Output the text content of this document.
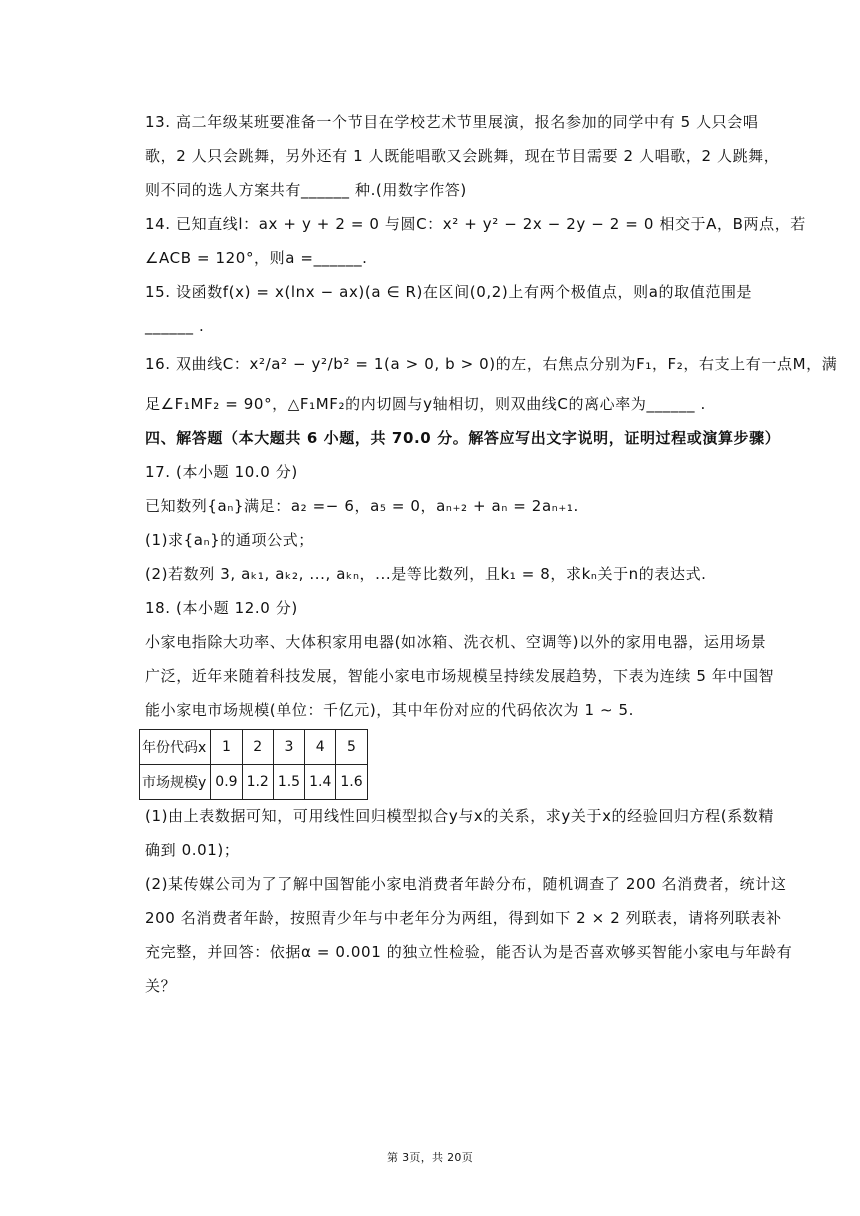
13. 高二年级某班要准备一个节目在学校艺术节里展演，报名参加的同学中有 5 人只会唱
歌，2 人只会跳舞，另外还有 1 人既能唱歌又会跳舞，现在节目需要 2 人唱歌，2 人跳舞，
则不同的选人方案共有______ 种.(用数字作答)
14. 已知直线l：ax + y + 2 = 0 与圆C：x² + y² − 2x − 2y − 2 = 0 相交于A，B两点，若
∠ACB = 120°，则a =______.
15. 设函数f(x) = x(lnx − ax)(a ∈ R)在区间(0,2)上有两个极值点，则a的取值范围是
______ .
16. 双曲线C：x²/a² − y²/b² = 1(a > 0, b > 0)的左，右焦点分别为F₁，F₂，右支上有一点M，满
足∠F₁MF₂ = 90°，△F₁MF₂的内切圆与y轴相切，则双曲线C的离心率为______ .
四、解答题（本大题共 6 小题，共 70.0 分。解答应写出文字说明，证明过程或演算步骤）
17. (本小题 10.0 分)
已知数列{aₙ}满足：a₂ =− 6，a₅ = 0，aₙ₊₂ + aₙ = 2aₙ₊₁.
(1)求{aₙ}的通项公式；
(2)若数列 3, aₖ₁, aₖ₂, ..., aₖₙ，...是等比数列，且k₁ = 8，求kₙ关于n的表达式.
18. (本小题 12.0 分)
小家电指除大功率、大体积家用电器(如冰箱、洗衣机、空调等)以外的家用电器，运用场景
广泛，近年来随着科技发展，智能小家电市场规模呈持续发展趋势，下表为连续 5 年中国智
能小家电市场规模(单位：千亿元)，其中年份对应的代码依次为 1 ∼ 5.
年份代码x	1	2	3	4	5
市场规模y	0.9	1.2	1.5	1.4	1.6
(1)由上表数据可知，可用线性回归模型拟合y与x的关系，求y关于x的经验回归方程(系数精
确到 0.01)；
(2)某传媒公司为了了解中国智能小家电消费者年龄分布，随机调查了 200 名消费者，统计这
200 名消费者年龄，按照青少年与中老年分为两组，得到如下 2 × 2 列联表，请将列联表补
充完整，并回答：依据α = 0.001 的独立性检验，能否认为是否喜欢够买智能小家电与年龄有
关？
第 3页，共 20页
